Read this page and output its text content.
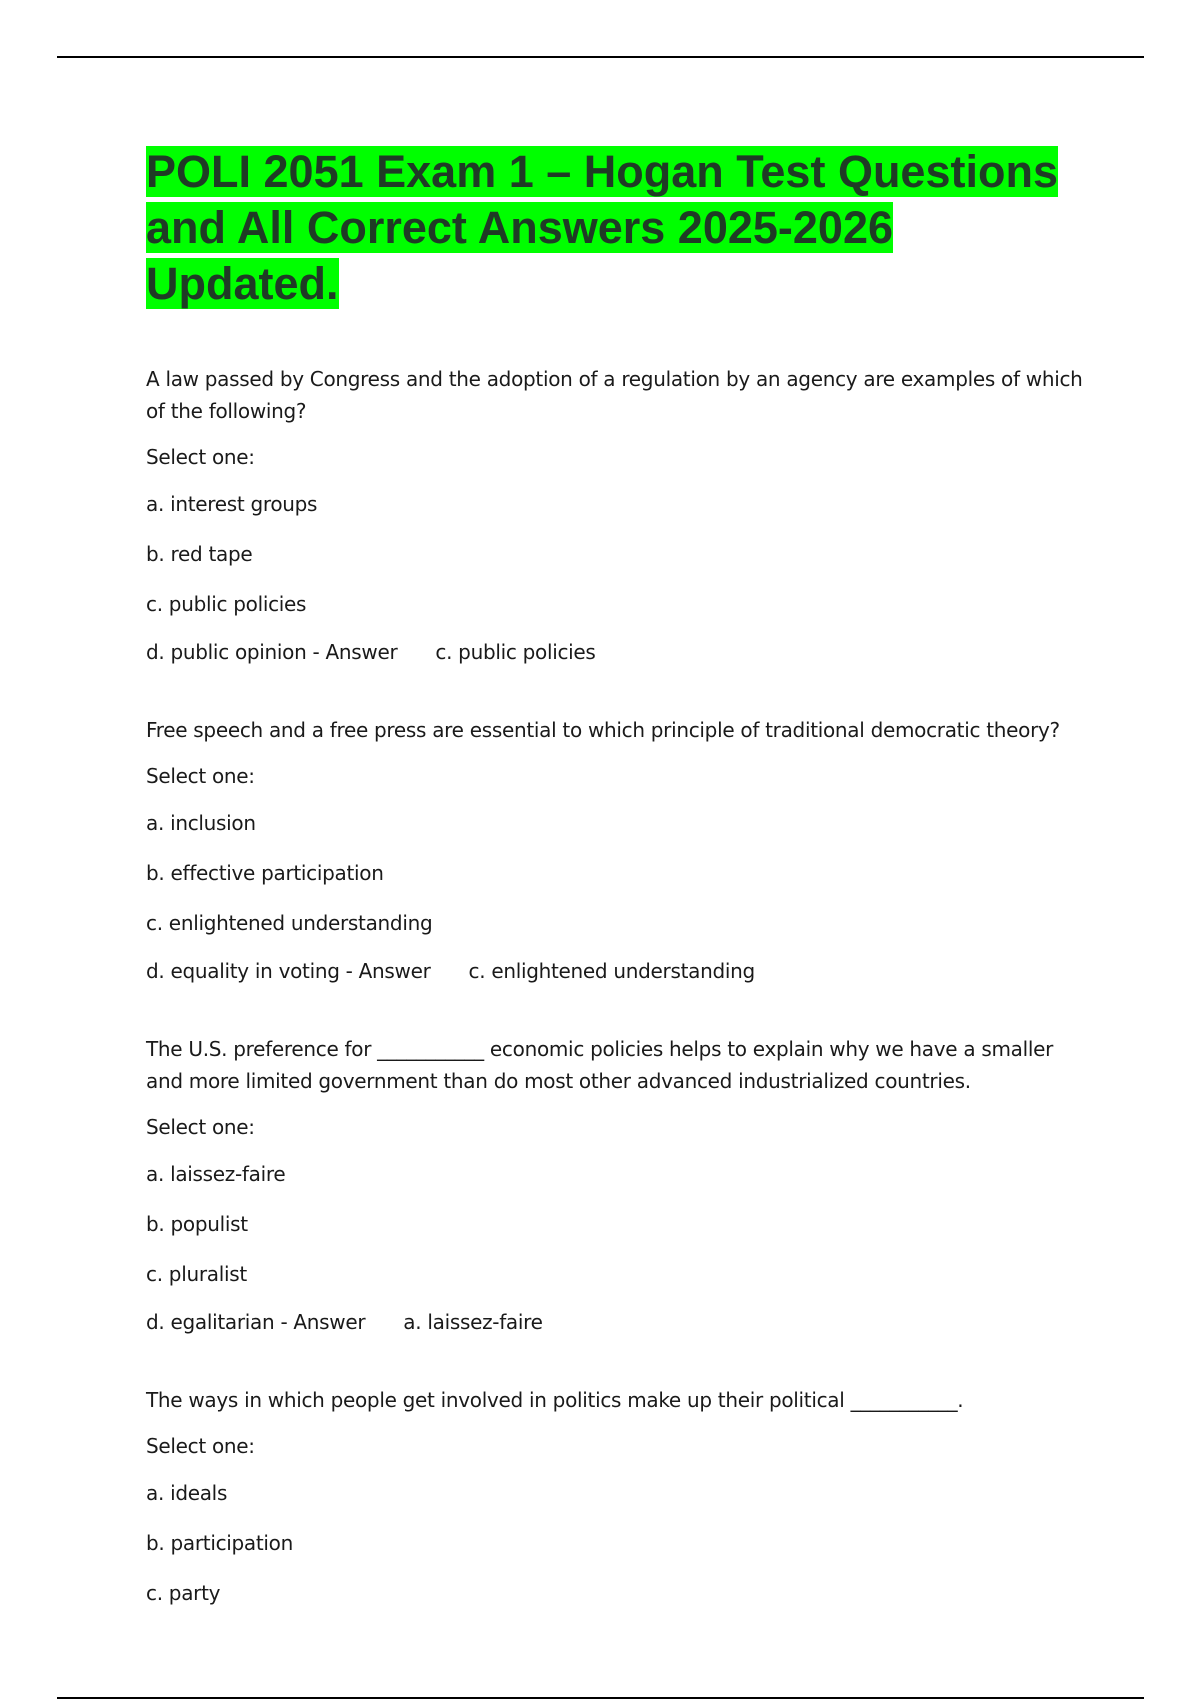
POLI 2051 Exam 1 – Hogan Test Questions and All Correct Answers 2025-2026 Updated.

A law passed by Congress and the adoption of a regulation by an agency are examples of which of the following?

Select one:

a. interest groups

b. red tape

c. public policies

d. public opinion - Answer c. public policies

Free speech and a free press are essential to which principle of traditional democratic theory?

Select one:

a. inclusion

b. effective participation

c. enlightened understanding

d. equality in voting - Answer c. enlightened understanding

The U.S. preference for ___________ economic policies helps to explain why we have a smaller and more limited government than do most other advanced industrialized countries.

Select one:

a. laissez-faire

b. populist

c. pluralist

d. egalitarian - Answer a. laissez-faire

The ways in which people get involved in politics make up their political ___________.

Select one:

a. ideals

b. participation

c. party
